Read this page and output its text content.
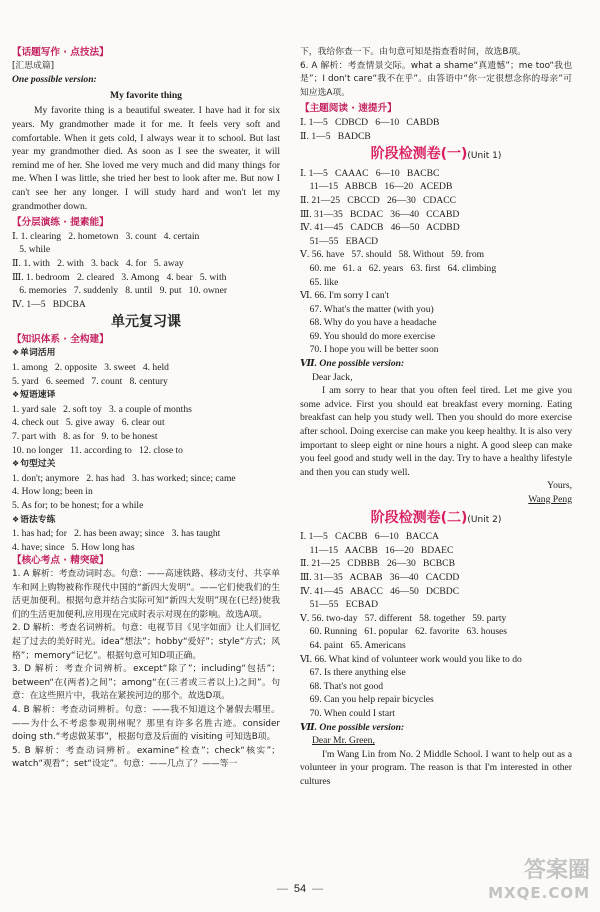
【 话题写作 · 点技法 】
[汇思成篇]
One possible version:
My favorite thing

My favorite thing is a beautiful sweater. I have had it for six years. My grandmother made it for me. It feels very soft and comfortable. When it gets cold, I always wear it to school. But last year my grandmother died. As soon as I see the sweater, it will remind me of her. She loved me very much and did many things for me. When I was little, she tried her best to look after me. But now I can't see her any longer. I will study hard and won't let my grandmother down.

【 分层演练 · 提素能 】

Ⅰ. 1. clearing   2. hometown   3. count   4. certain

5. while

Ⅱ. 1. with   2. with   3. back   4. for   5. away

Ⅲ. 1. bedroom   2. cleared   3. Among   4. bear   5. with

6. memories   7. suddenly   8. until   9. put   10. owner

Ⅳ. 1—5   BDCBA

单元复习课
【 知识体系 · 全构建 】
❖ 单词活用

1. among   2. opposite   3. sweet   4. held

5. yard   6. seemed   7. count   8. century

❖ 短语速译

1. yard sale   2. soft toy   3. a couple of months

4. check out   5. give away   6. clear out

7. part with   8. as for   9. to be honest

10. no longer   11. according to   12. close to

❖ 句型过关

1. don't; anymore   2. has had   3. has worked; since; came

4. How long; been in

5. As for; to be honest; for a while

❖ 语法专练

1. has had; for   2. has been away; since   3. has taught

4. have; since   5. How long has

【 核心考点 · 精突破 】

1. A 解析：考查动词时态。句意：——高速铁路、移动支付、共享单车和网上购物被称作现代中国的“新四大发明”。——它们使我们的生活更加便利。根据句意并结合实际可知“新四大发明”现在(已经)使我们的生活更加便利,应用现在完成时表示对现在的影响。故选A项。

2. D 解析：考查名词辨析。句意：电视节目《见字如面》让人们回忆起了过去的美好时光。idea“想法”；hobby“爱好”；style“方式；风格”；memory“记忆”。根据句意可知D项正确。

3. D 解析：考查介词辨析。except“除了”；including“包括”；between“在(两者)之间”；among“在(三者或三者以上)之间”。句意：在这些照片中，我站在紧挨河边的那个。故选D项。

4. B 解析：考查动词辨析。句意：——我不知道这个暑假去哪里。——为什么不考虑参观荆州呢？那里有许多名胜古迹。consider doing sth.“考虑做某事”，根据句意及后面的 visiting 可知选B项。

5. B 解析：考查动词辨析。examine“检查”；check“核实”；watch“观看”；set“设定”。句意：——几点了？——等一

下，我给你查一下。由句意可知是指查看时间，故选B项。

6. A 解析：考查情景交际。what a shame“真遗憾”；me too“我也是”；I don't care“我不在乎”。由答语中“你一定很想念你的母亲”可知应选A项。

【 主题阅读 · 速提升 】

Ⅰ. 1—5   CDBCD   6—10   CABDB

Ⅱ. 1—5   BADCB

阶段检测卷(一)(Unit 1)

Ⅰ. 1—5   CAAAC   6—10   BACBC

11—15   ABBCB   16—20   ACEDB

Ⅱ. 21—25   CBCCD   26—30   CDACC

Ⅲ. 31—35   BCDAC   36—40   CCABD

Ⅳ. 41—45   CADCB   46—50   ACDBD

51—55   EBACD

Ⅴ. 56. have   57. should   58. Without   59. from

60. me   61. a   62. years   63. first   64. climbing

65. like

Ⅵ. 66. I'm sorry I can't

67. What's the matter (with you)

68. Why do you have a headache

69. You should do more exercise

70. I hope you will be better soon

Ⅶ. One possible version:
Dear Jack,

I am sorry to hear that you often feel tired. Let me give you some advice. First you should eat breakfast every morning. Eating breakfast can help you study well. Then you should do more exercise after school. Doing exercise can make you keep healthy. It is also very important to sleep eight or nine hours a night. A good sleep can make you feel good and study well in the day. Try to have a healthy lifestyle and then you can study well.

Yours,

Wang Peng

阶段检测卷(二)(Unit 2)

Ⅰ. 1—5   CACBB   6—10   BACCA

11—15   AACBB   16—20   BDAEC

Ⅱ. 21—25   CDBBB   26—30   BCBCB

Ⅲ. 31—35   ACBAB   36—40   CACDD

Ⅳ. 41—45   ABACC   46—50   DCBDC

51—55   ECBAD

Ⅴ. 56. two-day   57. different   58. together   59. party

60. Running   61. popular   62. favorite   63. houses

64. paint   65. Americans

Ⅵ. 66. What kind of volunteer work would you like to do

67. Is there anything else

68. That's not good

69. Can you help repair bicycles

70. When could I start

Ⅶ. One possible version:
Dear Mr. Green,

I'm Wang Lin from No. 2 Middle School. I want to help out as a volunteer in your program. The reason is that I'm interested in other cultures

— 54 —
答案圈
MXQE.COM
